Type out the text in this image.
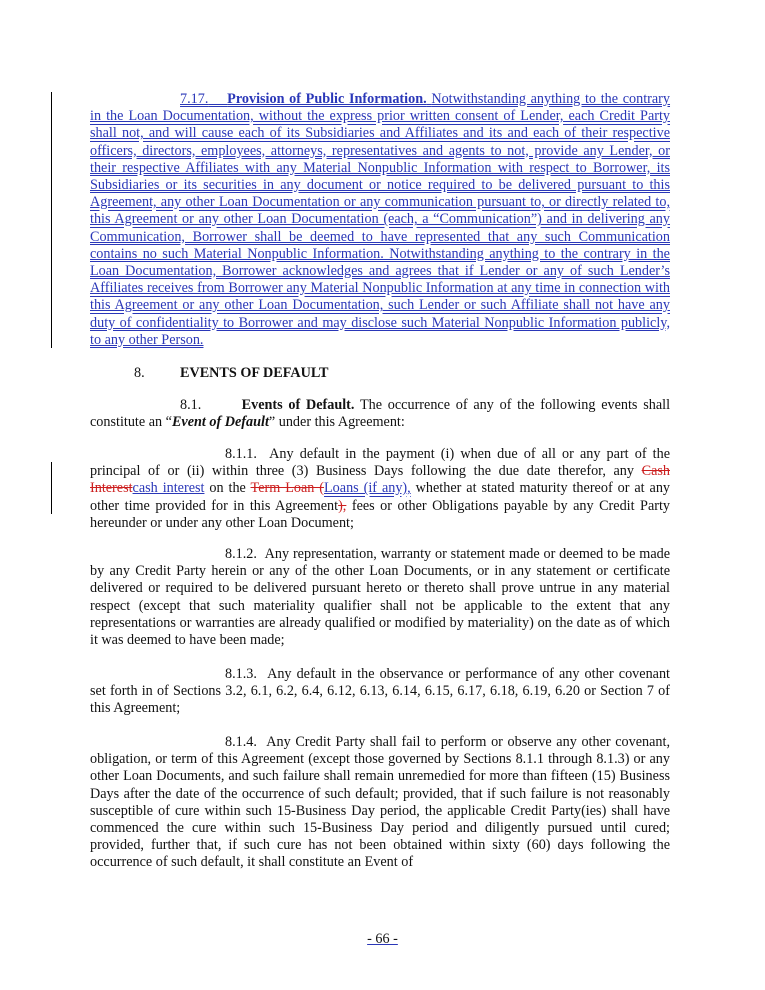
7.17. Provision of Public Information. Notwithstanding anything to the contrary in the Loan Documentation, without the express prior written consent of Lender, each Credit Party shall not, and will cause each of its Subsidiaries and Affiliates and its and each of their respective officers, directors, employees, attorneys, representatives and agents to not, provide any Lender, or their respective Affiliates with any Material Nonpublic Information with respect to Borrower, its Subsidiaries or its securities in any document or notice required to be delivered pursuant to this Agreement, any other Loan Documentation or any communication pursuant to, or directly related to, this Agreement or any other Loan Documentation (each, a “Communication”) and in delivering any Communication, Borrower shall be deemed to have represented that any such Communication contains no such Material Nonpublic Information. Notwithstanding anything to the contrary in the Loan Documentation, Borrower acknowledges and agrees that if Lender or any of such Lender’s Affiliates receives from Borrower any Material Nonpublic Information at any time in connection with this Agreement or any other Loan Documentation, such Lender or such Affiliate shall not have any duty of confidentiality to Borrower and may disclose such Material Nonpublic Information publicly, to any other Person.
8. EVENTS OF DEFAULT
8.1.	Events of Default. The occurrence of any of the following events shall constitute an “Event of Default” under this Agreement:
8.1.1. Any default in the payment (i) when due of all or any part of the principal of or (ii) within three (3) Business Days following the due date therefor, any Cash Interestcash interest on the Term Loan (Loans (if any), whether at stated maturity thereof or at any other time provided for in this Agreement), fees or other Obligations payable by any Credit Party hereunder or under any other Loan Document;
8.1.2. Any representation, warranty or statement made or deemed to be made by any Credit Party herein or any of the other Loan Documents, or in any statement or certificate delivered or required to be delivered pursuant hereto or thereto shall prove untrue in any material respect (except that such materiality qualifier shall not be applicable to the extent that any representations or warranties are already qualified or modified by materiality) on the date as of which it was deemed to have been made;
8.1.3. Any default in the observance or performance of any other covenant set forth in of Sections 3.2, 6.1, 6.2, 6.4, 6.12, 6.13, 6.14, 6.15, 6.17, 6.18, 6.19, 6.20 or Section 7 of this Agreement;
8.1.4. Any Credit Party shall fail to perform or observe any other covenant, obligation, or term of this Agreement (except those governed by Sections 8.1.1 through 8.1.3) or any other Loan Documents, and such failure shall remain unremedied for more than fifteen (15) Business Days after the date of the occurrence of such default; provided, that if such failure is not reasonably susceptible of cure within such 15-Business Day period, the applicable Credit Party(ies) shall have commenced the cure within such 15-Business Day period and diligently pursued until cured; provided, further that, if such cure has not been obtained within sixty (60) days following the occurrence of such default, it shall constitute an Event of
- 66 -
